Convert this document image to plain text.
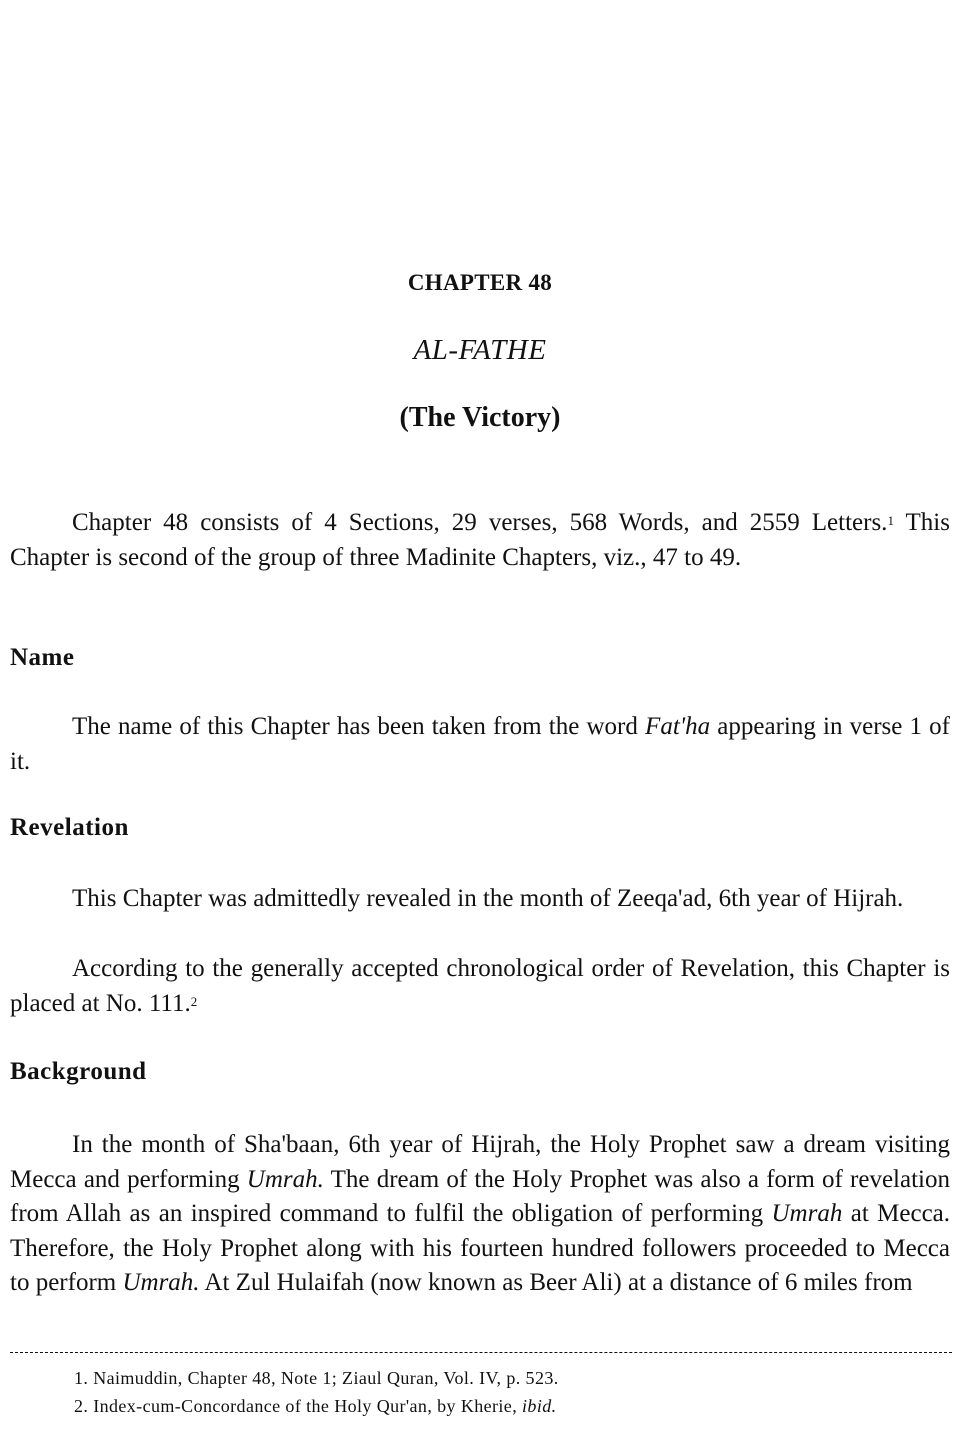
CHAPTER 48
AL-FATHE
(The Victory)

Chapter 48 consists of 4 Sections, 29 verses, 568 Words, and 2559 Letters.$^1$ This Chapter is second of the group of three Madinite Chapters, viz., 47 to 49.

Name

The name of this Chapter has been taken from the word Fat'ha appearing in verse 1 of it.

Revelation

This Chapter was admittedly revealed in the month of Zeeqa'ad, 6th year of Hijrah.

According to the generally accepted chronological order of Revelation, this Chapter is placed at No. 111.$^2$

Background

In the month of Sha'baan, 6th year of Hijrah, the Holy Prophet saw a dream visiting Mecca and performing Umrah. The dream of the Holy Prophet was also a form of revelation from Allah as an inspired command to fulfil the obligation of performing Umrah at Mecca. Therefore, the Holy Prophet along with his fourteen hundred followers proceeded to Mecca to perform Umrah. At Zul Hulaifah (now known as Beer Ali) at a distance of 6 miles from

1. Naimuddin, Chapter 48, Note 1; Ziaul Quran, Vol. IV, p. 523.
2. Index-cum-Concordance of the Holy Qur'an, by Kherie, ibid.
